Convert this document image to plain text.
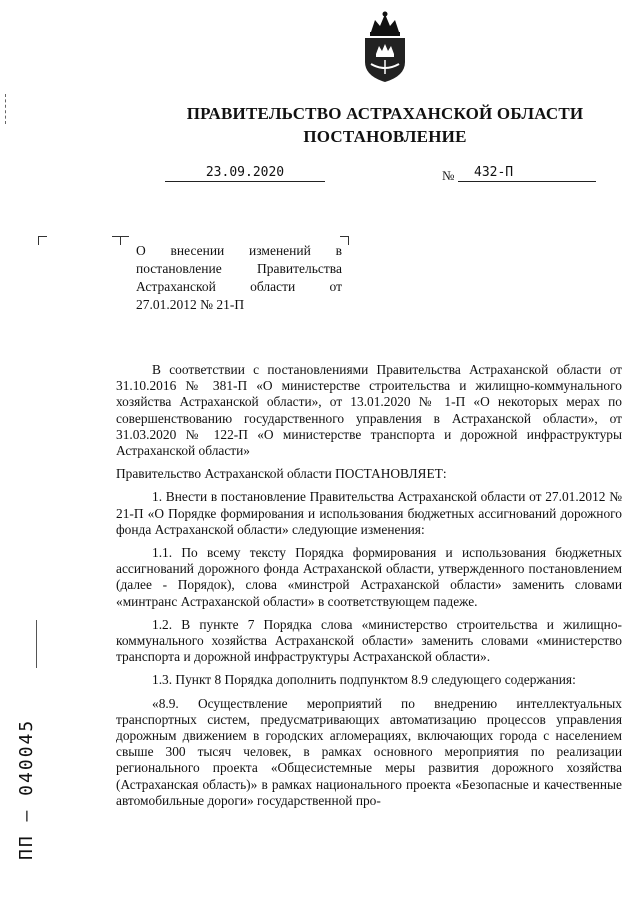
ПРАВИТЕЛЬСТВО АСТРАХАНСКОЙ ОБЛАСТИ
ПОСТАНОВЛЕНИЕ
23.09.2020	№	432-П
О внесении изменений в постановление Правительства Астраханской области от 27.01.2012 № 21-П

В соответствии с постановлениями Правительства Астраханской области от 31.10.2016 № 381-П «О министерстве строительства и жилищно-коммунального хозяйства Астраханской области», от 13.01.2020 № 1-П «О некоторых мерах по совершенствованию государственного управления в Астраханской области», от 31.03.2020 № 122-П «О министерстве транспорта и дорожной инфраструктуры Астраханской области»

Правительство Астраханской области ПОСТАНОВЛЯЕТ:

1. Внести в постановление Правительства Астраханской области от 27.01.2012 № 21-П «О Порядке формирования и использования бюджетных ассигнований дорожного фонда Астраханской области» следующие изменения:

1.1. По всему тексту Порядка формирования и использования бюджетных ассигнований дорожного фонда Астраханской области, утвержденного постановлением (далее - Порядок), слова «минстрой Астраханской области» заменить словами «минтранс Астраханской области» в соответствующем падеже.

1.2. В пункте 7 Порядка слова «министерство строительства и жилищно-коммунального хозяйства Астраханской области» заменить словами «министерство транспорта и дорожной инфраструктуры Астраханской области».

1.3. Пункт 8 Порядка дополнить подпунктом 8.9 следующего содержания:

«8.9. Осуществление мероприятий по внедрению интеллектуальных транспортных систем, предусматривающих автоматизацию процессов управления дорожным движением в городских агломерациях, включающих города с населением свыше 300 тысяч человек, в рамках основного мероприятия по реализации регионального проекта «Общесистемные меры развития дорожного хозяйства (Астраханская область)» в рамках национального проекта «Безопасные и качественные автомобильные дороги» государственной про-

ПП – 040045
